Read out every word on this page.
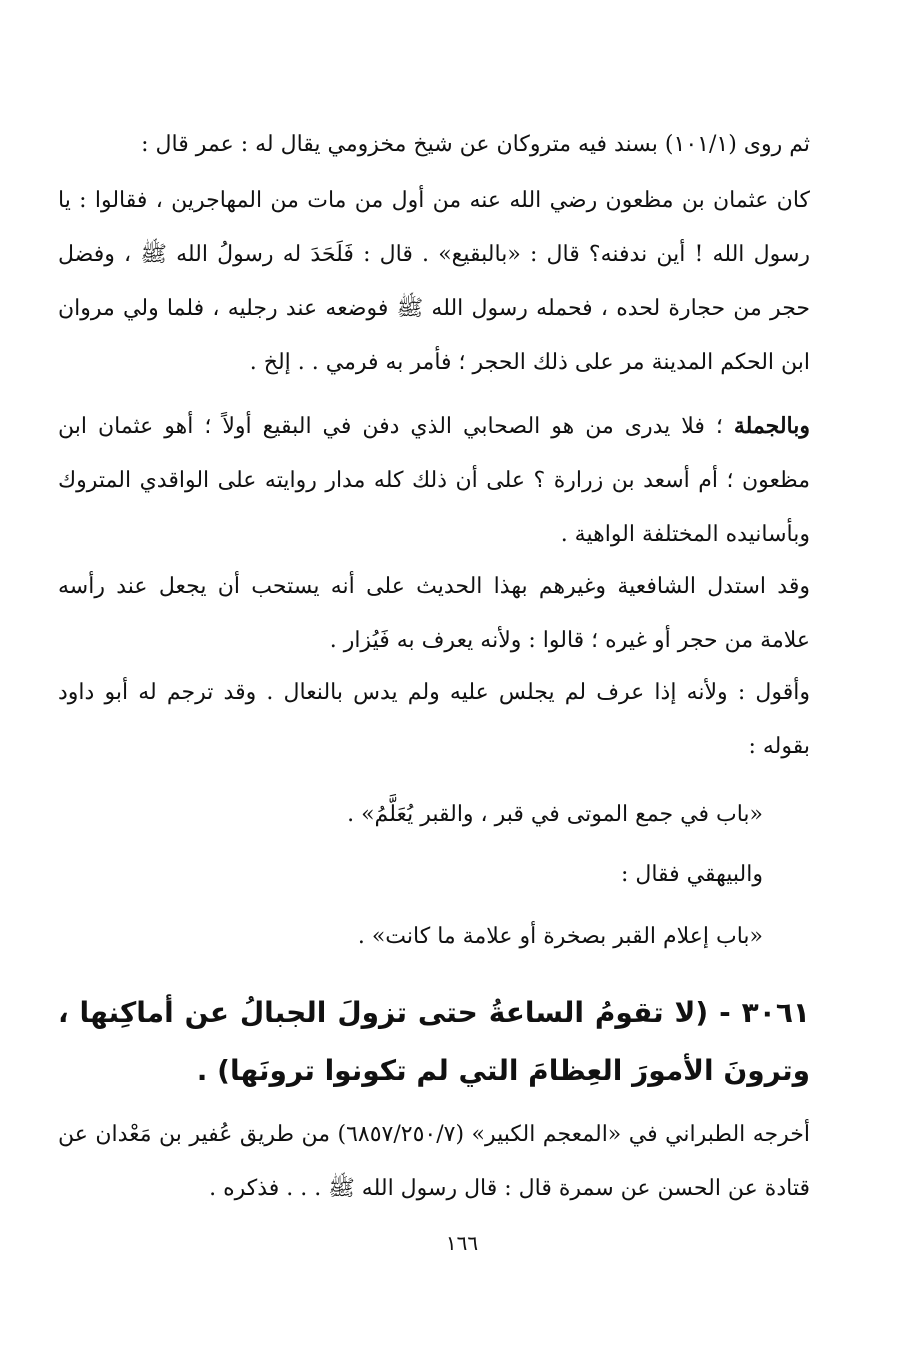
ثم روى (١٠١/١) بسند فيه متروكان عن شيخ مخزومي يقال له : عمر قال :

كان عثمان بن مظعون رضي الله عنه من أول من مات من المهاجرين ، فقالوا : يا رسول الله ! أين ندفنه؟ قال : «بالبقيع» . قال : فَلَحَدَ له رسولُ الله ﷺ ، وفضل حجر من حجارة لحده ، فحمله رسول الله ﷺ فوضعه عند رجليه ، فلما ولي مروان ابن الحكم المدينة مر على ذلك الحجر ؛ فأمر به فرمي . . إلخ .

وبالجملة ؛ فلا يدرى من هو الصحابي الذي دفن في البقيع أولاً ؛ أهو عثمان ابن مظعون ؛ أم أسعد بن زرارة ؟ على أن ذلك كله مدار روايته على الواقدي المتروك وبأسانيده المختلفة الواهية .

وقد استدل الشافعية وغيرهم بهذا الحديث على أنه يستحب أن يجعل عند رأسه علامة من حجر أو غيره ؛ قالوا : ولأنه يعرف به فَيُزار .

وأقول : ولأنه إذا عرف لم يجلس عليه ولم يدس بالنعال . وقد ترجم له أبو داود بقوله :

«باب في جمع الموتى في قبر ، والقبر يُعَلَّمُ» .

والبيهقي فقال :

«باب إعلام القبر بصخرة أو علامة ما كانت» .

٣٠٦١ - (لا تقومُ الساعةُ حتى تزولَ الجبالُ عن أماكِنها ، وترونَ الأمورَ العِظامَ التي لم تكونوا ترونَها) .

أخرجه الطبراني في «المعجم الكبير» (٦٨٥٧/٢٥٠/٧) من طريق عُفير بن مَعْدان عن قتادة عن الحسن عن سمرة قال : قال رسول الله ﷺ . . . فذكره .

١٦٦
